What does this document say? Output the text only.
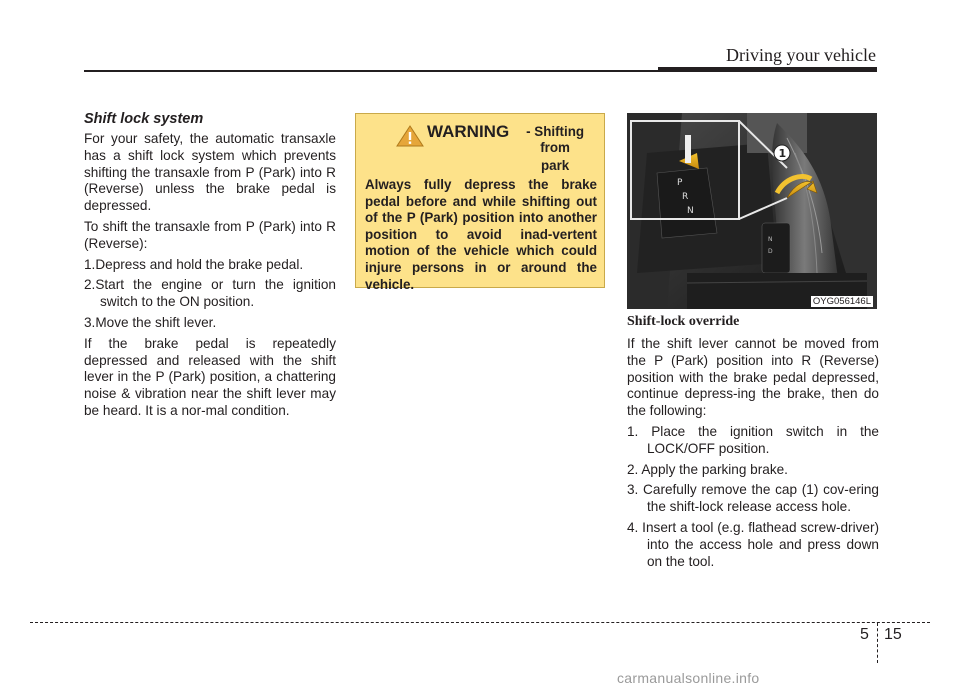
Driving your vehicle
Shift lock system

For your safety, the automatic transaxle has a shift lock system which prevents shifting the transaxle from P (Park) into R (Reverse) unless the brake pedal is depressed.

To shift the transaxle from P (Park) into R (Reverse):

1.Depress and hold the brake pedal.
2.Start the engine or turn the ignition switch to the ON position.
3.Move the shift lever.

If the brake pedal is repeatedly depressed and released with the shift lever in the P (Park) position, a chattering noise & vibration near the shift lever may be heard. It is a nor-mal condition.

WARNING	- Shifting from
park
Always fully depress the brake pedal before and while shifting out of the P (Park) position into another position to avoid inad-vertent motion of the vehicle which could injure persons in or around the vehicle.
N
D
P
R
N
1
OYG056146L
Shift-lock override

If the shift lever cannot be moved from the P (Park) position into R (Reverse) position with the brake pedal depressed, continue depress-ing the brake, then do the following:

1. Place the ignition switch in the LOCK/OFF position.
2. Apply the parking brake.
3. Carefully remove the cap (1) cov-ering the shift-lock release access hole.
4. Insert a tool (e.g. flathead screw-driver) into the access hole and press down on the tool.
5 15
carmanualsonline.info
